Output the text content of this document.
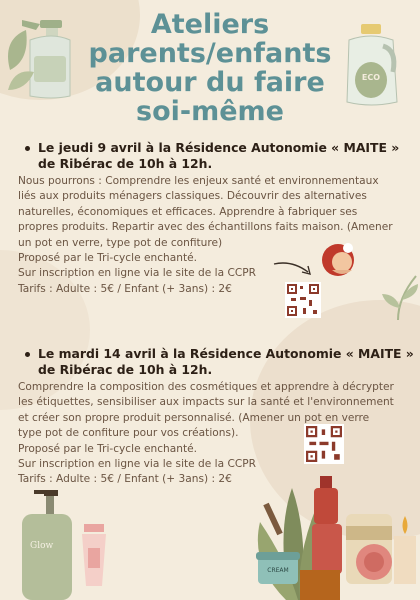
ECO
Ateliers
parents/enfants
autour du faire
soi-même

Le jeudi 9 avril à la Résidence Autonomie « MAITE » de Ribérac de 10h à 12h.

Nous pourrons : Comprendre les enjeux santé et environnementaux

liés aux produits ménagers classiques. Découvrir des alternatives

naturelles, économiques et efficaces. Apprendre à fabriquer ses

propres produits. Repartir avec des échantillons faits maison. (Amener

un pot en verre, type pot de confiture)

Proposé par le Tri-cycle enchanté.

Sur inscription en ligne via le site de la CCPR

Tarifs : Adulte : 5€ / Enfant (+ 3ans) : 2€

Le mardi 14 avril à la Résidence Autonomie « MAITE » de Ribérac de 10h à 12h.

Comprendre la composition des cosmétiques et apprendre à décrypter

les étiquettes, sensibiliser aux impacts sur la santé et l'environnement

et créer son propre produit personnalisé. (Amener un pot en verre

type pot de confiture pour vos créations).

Proposé par le Tri-cycle enchanté.

Sur inscription en ligne via le site de la CCPR

Tarifs : Adulte : 5€ / Enfant (+ 3ans) : 2€

Glow
CREAM
